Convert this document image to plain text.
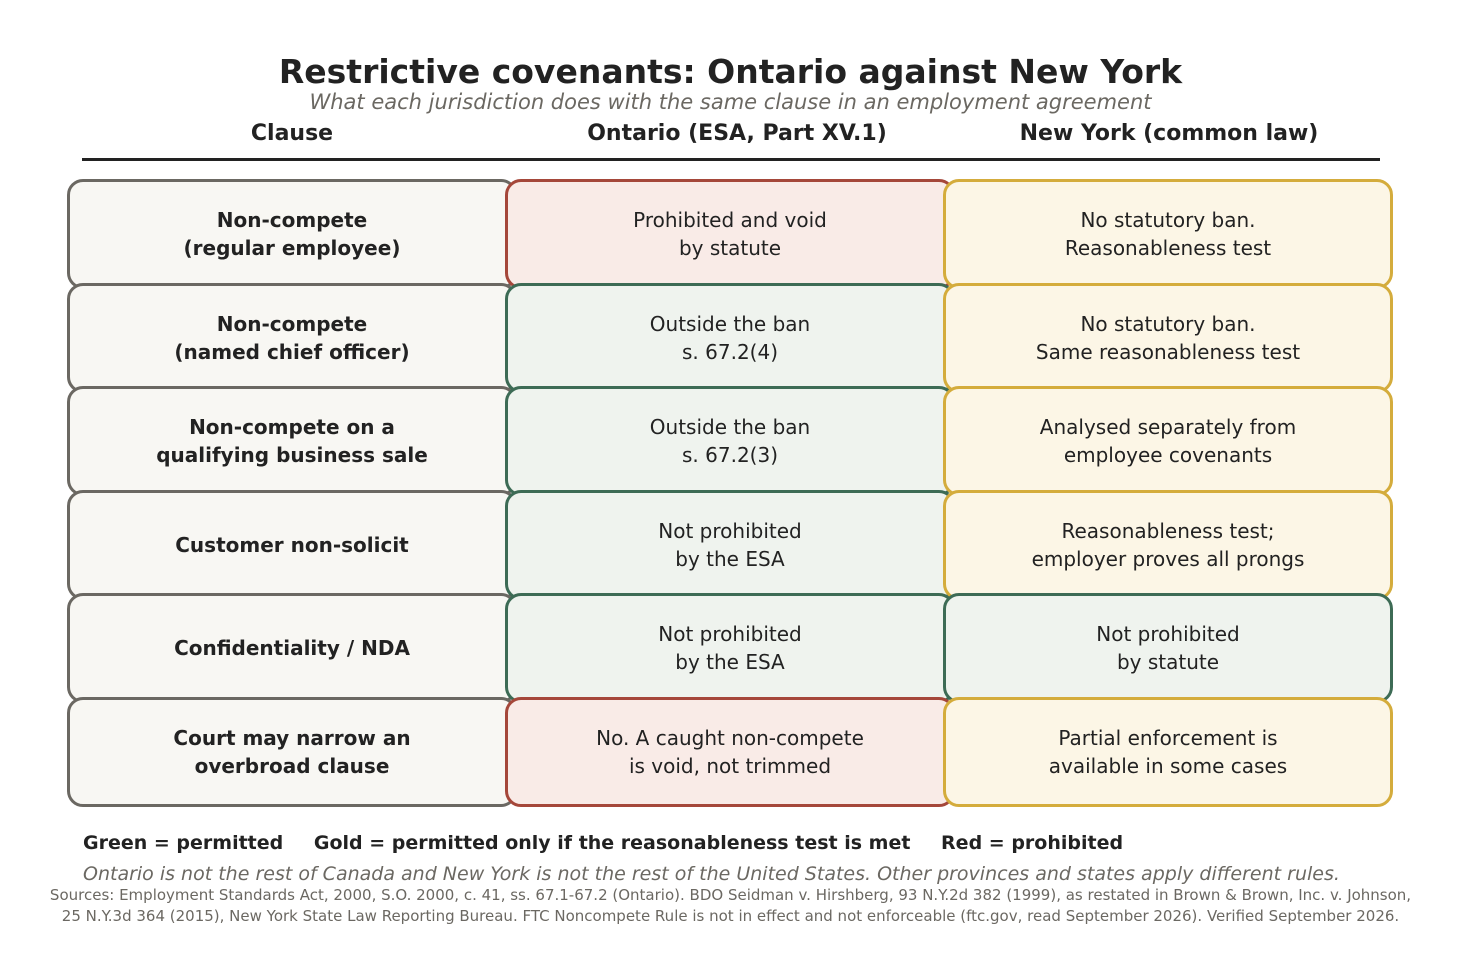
Restrictive covenants: Ontario against New York
What each jurisdiction does with the same clause in an employment agreement
Clause	Ontario (ESA, Part XV.1)	New York (common law)
Non-compete
(regular employee)
Prohibited and void
by statute
No statutory ban.
Reasonableness test
Non-compete
(named chief officer)
Outside the ban
s. 67.2(4)
No statutory ban.
Same reasonableness test
Non-compete on a
qualifying business sale
Outside the ban
s. 67.2(3)
Analysed separately from
employee covenants
Customer non-solicit
Not prohibited
by the ESA
Reasonableness test;
employer proves all prongs
Confidentiality / NDA
Not prohibited
by the ESA
Not prohibited
by statute
Court may narrow an
overbroad clause
No. A caught non-compete
is void, not trimmed
Partial enforcement is
available in some cases
Green = permitted Gold = permitted only if the reasonableness test is met Red = prohibited
Ontario is not the rest of Canada and New York is not the rest of the United States. Other provinces and states apply different rules.
Sources: Employment Standards Act, 2000, S.O. 2000, c. 41, ss. 67.1-67.2 (Ontario). BDO Seidman v. Hirshberg, 93 N.Y.2d 382 (1999), as restated in Brown & Brown, Inc. v. Johnson,
25 N.Y.3d 364 (2015), New York State Law Reporting Bureau. FTC Noncompete Rule is not in effect and not enforceable (ftc.gov, read September 2026). Verified September 2026.
